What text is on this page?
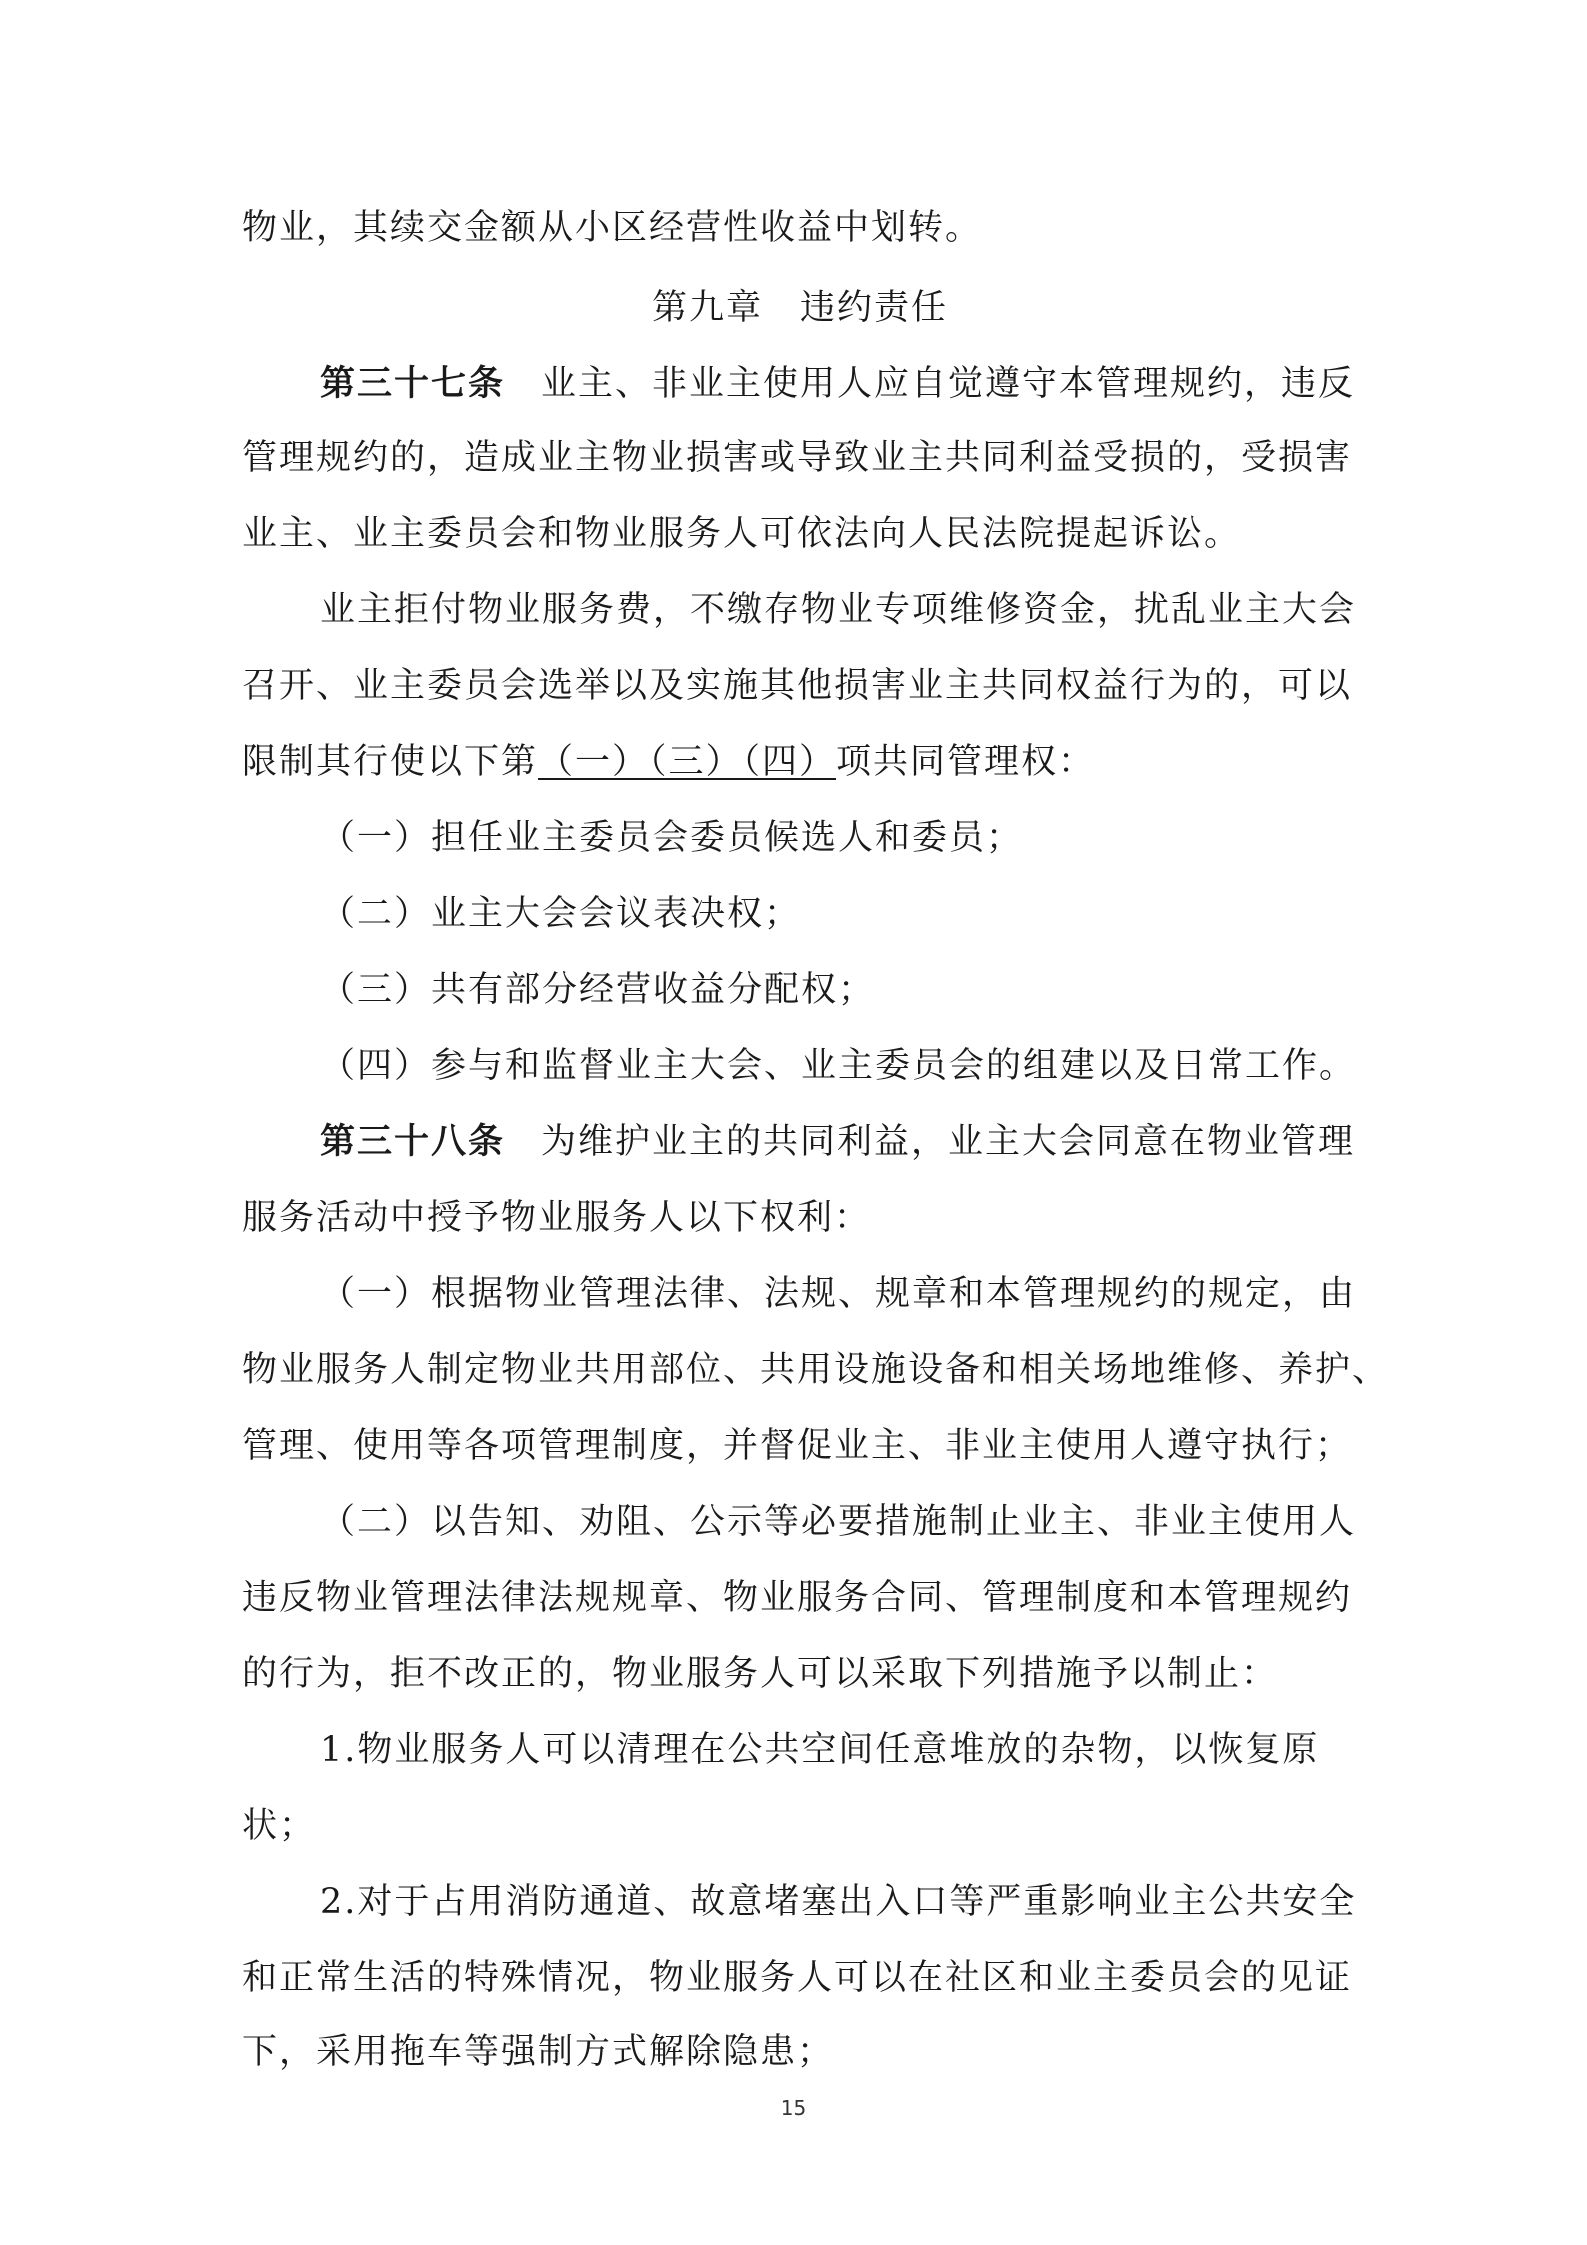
物业，其续交金额从小区经营性收益中划转。
第九章　违约责任
第三十七条 业主、非业主使用人应自觉遵守本管理规约，违反
管理规约的，造成业主物业损害或导致业主共同利益受损的，受损害
业主、业主委员会和物业服务人可依法向人民法院提起诉讼。
业主拒付物业服务费，不缴存物业专项维修资金，扰乱业主大会
召开、业主委员会选举以及实施其他损害业主共同权益行为的，可以
限制其行使以下第（一）（三）（四）项共同管理权：
（一）担任业主委员会委员候选人和委员；
（二）业主大会会议表决权；
（三）共有部分经营收益分配权；
（四）参与和监督业主大会、业主委员会的组建以及日常工作。
第三十八条 为维护业主的共同利益，业主大会同意在物业管理
服务活动中授予物业服务人以下权利：
（一）根据物业管理法律、法规、规章和本管理规约的规定，由
物业服务人制定物业共用部位、共用设施设备和相关场地维修、养护、
管理、使用等各项管理制度，并督促业主、非业主使用人遵守执行；
（二）以告知、劝阻、公示等必要措施制止业主、非业主使用人
违反物业管理法律法规规章、物业服务合同、管理制度和本管理规约
的行为，拒不改正的，物业服务人可以采取下列措施予以制止：
1.物业服务人可以清理在公共空间任意堆放的杂物，以恢复原
状；
2.对于占用消防通道、故意堵塞出入口等严重影响业主公共安全
和正常生活的特殊情况，物业服务人可以在社区和业主委员会的见证
下，采用拖车等强制方式解除隐患；
15
